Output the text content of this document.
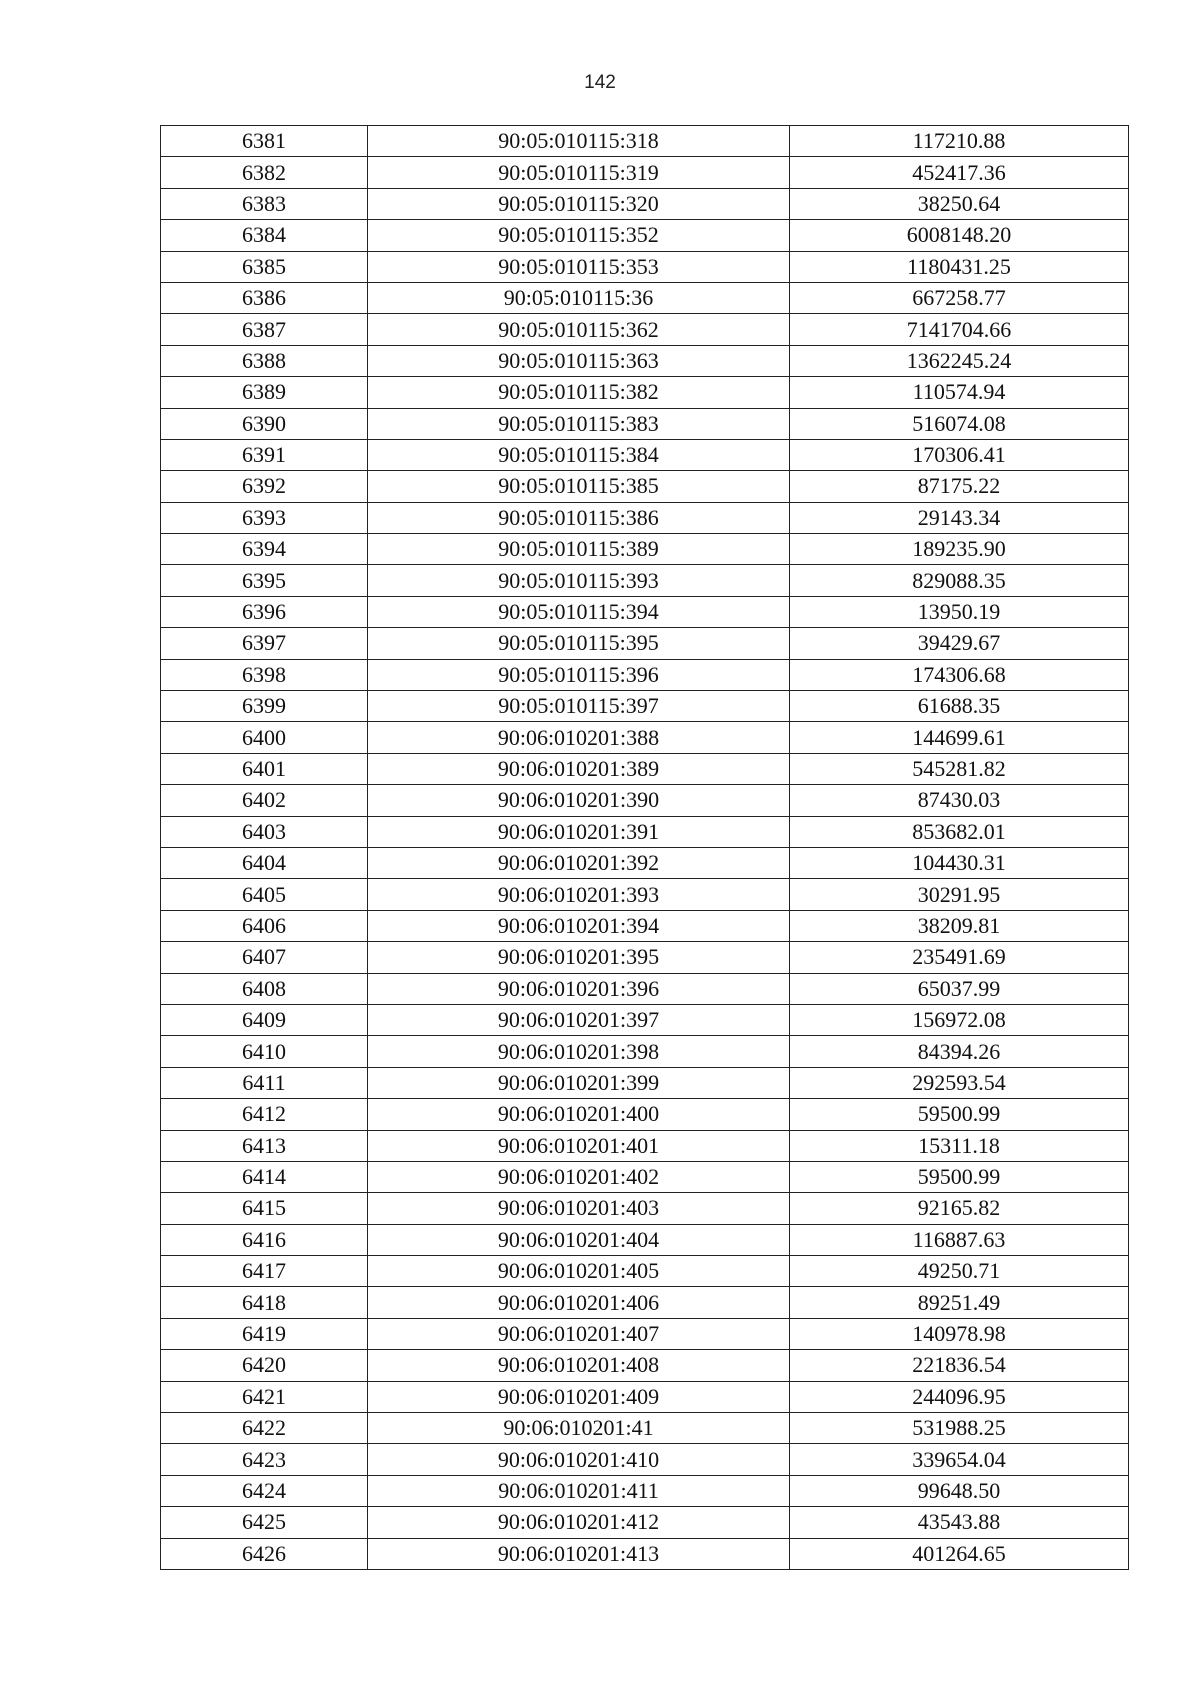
142
6381	90:05:010115:318	117210.88
6382	90:05:010115:319	452417.36
6383	90:05:010115:320	38250.64
6384	90:05:010115:352	6008148.20
6385	90:05:010115:353	1180431.25
6386	90:05:010115:36	667258.77
6387	90:05:010115:362	7141704.66
6388	90:05:010115:363	1362245.24
6389	90:05:010115:382	110574.94
6390	90:05:010115:383	516074.08
6391	90:05:010115:384	170306.41
6392	90:05:010115:385	87175.22
6393	90:05:010115:386	29143.34
6394	90:05:010115:389	189235.90
6395	90:05:010115:393	829088.35
6396	90:05:010115:394	13950.19
6397	90:05:010115:395	39429.67
6398	90:05:010115:396	174306.68
6399	90:05:010115:397	61688.35
6400	90:06:010201:388	144699.61
6401	90:06:010201:389	545281.82
6402	90:06:010201:390	87430.03
6403	90:06:010201:391	853682.01
6404	90:06:010201:392	104430.31
6405	90:06:010201:393	30291.95
6406	90:06:010201:394	38209.81
6407	90:06:010201:395	235491.69
6408	90:06:010201:396	65037.99
6409	90:06:010201:397	156972.08
6410	90:06:010201:398	84394.26
6411	90:06:010201:399	292593.54
6412	90:06:010201:400	59500.99
6413	90:06:010201:401	15311.18
6414	90:06:010201:402	59500.99
6415	90:06:010201:403	92165.82
6416	90:06:010201:404	116887.63
6417	90:06:010201:405	49250.71
6418	90:06:010201:406	89251.49
6419	90:06:010201:407	140978.98
6420	90:06:010201:408	221836.54
6421	90:06:010201:409	244096.95
6422	90:06:010201:41	531988.25
6423	90:06:010201:410	339654.04
6424	90:06:010201:411	99648.50
6425	90:06:010201:412	43543.88
6426	90:06:010201:413	401264.65
